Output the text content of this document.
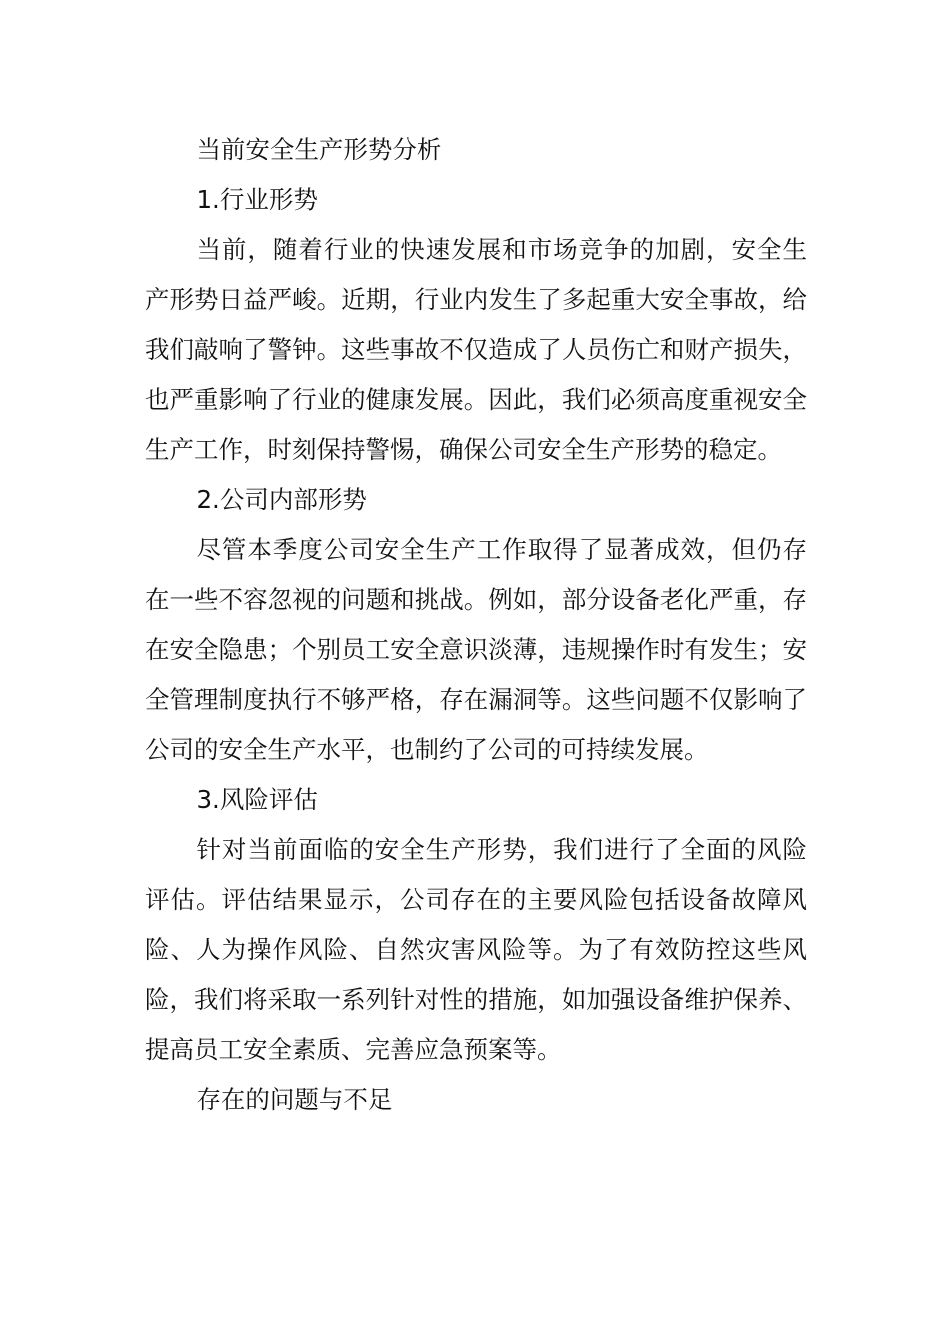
当前安全生产形势分析

1.行业形势

当前，随着行业的快速发展和市场竞争的加剧，安全生产形势日益严峻。近期，行业内发生了多起重大安全事故，给我们敲响了警钟。这些事故不仅造成了人员伤亡和财产损失，也严重影响了行业的健康发展。因此，我们必须高度重视安全生产工作，时刻保持警惕，确保公司安全生产形势的稳定。

2.公司内部形势

尽管本季度公司安全生产工作取得了显著成效，但仍存在一些不容忽视的问题和挑战。例如，部分设备老化严重，存在安全隐患；个别员工安全意识淡薄，违规操作时有发生；安全管理制度执行不够严格，存在漏洞等。这些问题不仅影响了公司的安全生产水平，也制约了公司的可持续发展。

3.风险评估

针对当前面临的安全生产形势，我们进行了全面的风险评估。评估结果显示，公司存在的主要风险包括设备故障风险、人为操作风险、自然灾害风险等。为了有效防控这些风险，我们将采取一系列针对性的措施，如加强设备维护保养、提高员工安全素质、完善应急预案等。

存在的问题与不足
